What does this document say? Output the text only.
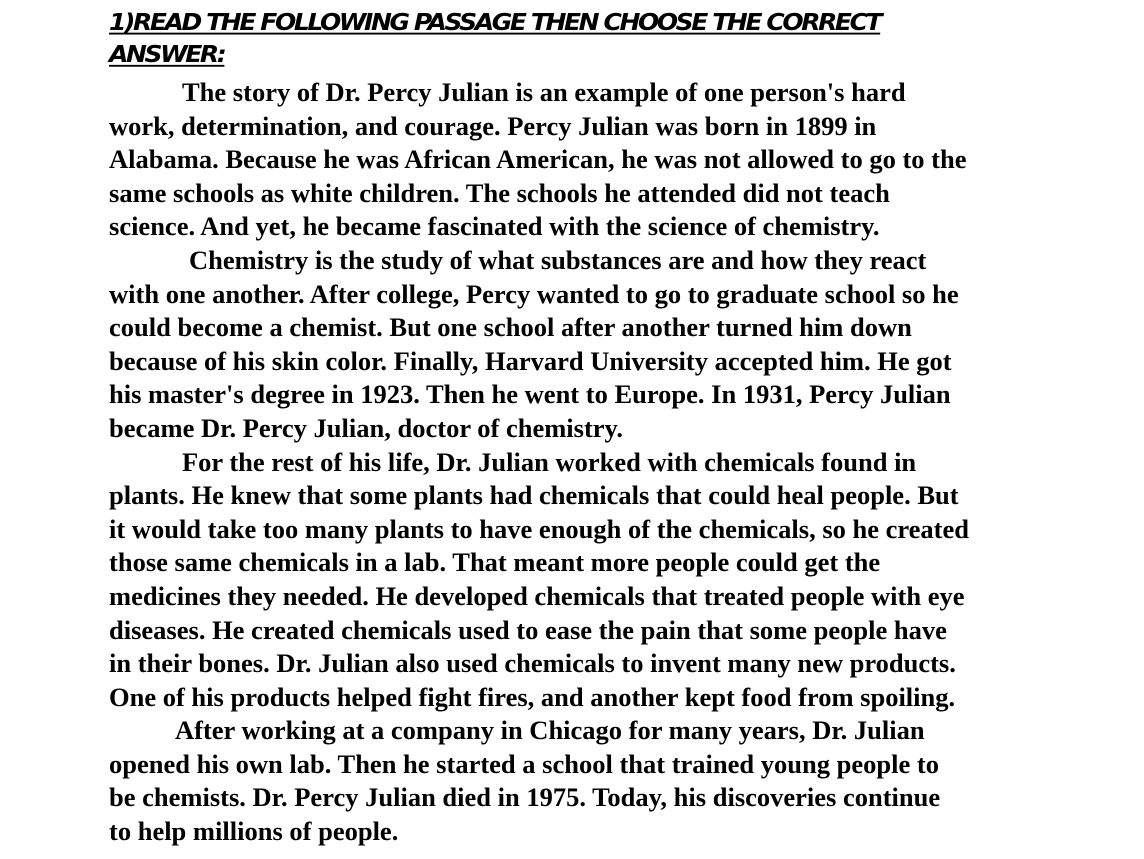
1)READ THE FOLLOWING PASSAGE THEN CHOOSE THE CORRECT
ANSWER:
The story of Dr. Percy Julian is an example of one person's hard
work, determination, and courage. Percy Julian was born in 1899 in
Alabama. Because he was African American, he was not allowed to go to the
same schools as white children. The schools he attended did not teach
science. And yet, he became fascinated with the science of chemistry.
Chemistry is the study of what substances are and how they react
with one another. After college, Percy wanted to go to graduate school so he
could become a chemist. But one school after another turned him down
because of his skin color. Finally, Harvard University accepted him. He got
his master's degree in 1923. Then he went to Europe. In 1931, Percy Julian
became Dr. Percy Julian, doctor of chemistry.
For the rest of his life, Dr. Julian worked with chemicals found in
plants. He knew that some plants had chemicals that could heal people. But
it would take too many plants to have enough of the chemicals, so he created
those same chemicals in a lab. That meant more people could get the
medicines they needed. He developed chemicals that treated people with eye
diseases. He created chemicals used to ease the pain that some people have
in their bones. Dr. Julian also used chemicals to invent many new products.
One of his products helped fight fires, and another kept food from spoiling.
After working at a company in Chicago for many years, Dr. Julian
opened his own lab. Then he started a school that trained young people to
be chemists. Dr. Percy Julian died in 1975. Today, his discoveries continue
to help millions of people.
